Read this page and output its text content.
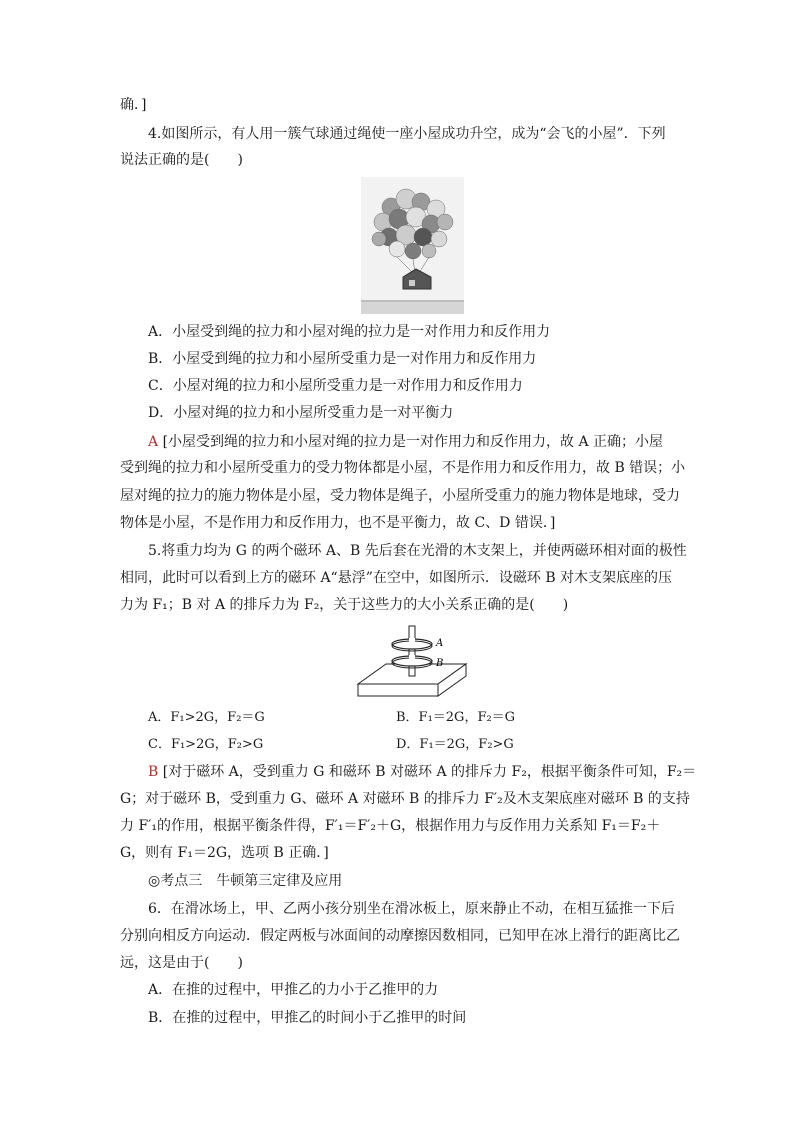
确．]
4.如图所示，有人用一簇气球通过绳使一座小屋成功升空，成为“会飞的小屋”．下列
说法正确的是(　　)
A．小屋受到绳的拉力和小屋对绳的拉力是一对作用力和反作用力
B．小屋受到绳的拉力和小屋所受重力是一对作用力和反作用力
C．小屋对绳的拉力和小屋所受重力是一对作用力和反作用力
D．小屋对绳的拉力和小屋所受重力是一对平衡力
A [小屋受到绳的拉力和小屋对绳的拉力是一对作用力和反作用力，故 A 正确；小屋
受到绳的拉力和小屋所受重力的受力物体都是小屋，不是作用力和反作用力，故 B 错误；小
屋对绳的拉力的施力物体是小屋，受力物体是绳子，小屋所受重力的施力物体是地球，受力
物体是小屋，不是作用力和反作用力，也不是平衡力，故 C、D 错误．]
5.将重力均为 G 的两个磁环 A、B 先后套在光滑的木支架上，并使两磁环相对面的极性
相同，此时可以看到上方的磁环 A“悬浮”在空中，如图所示．设磁环 B 对木支架底座的压
力为 F₁；B 对 A 的排斥力为 F₂，关于这些力的大小关系正确的是(　　)
A
B
A．F₁>2G，F₂＝G	B．F₁＝2G，F₂＝G
C．F₁>2G，F₂>G	D．F₁＝2G，F₂>G
B [对于磁环 A，受到重力 G 和磁环 B 对磁环 A 的排斥力 F₂，根据平衡条件可知，F₂＝
G；对于磁环 B，受到重力 G、磁环 A 对磁环 B 的排斥力 F′₂及木支架底座对磁环 B 的支持
力 F′₁的作用，根据平衡条件得，F′₁＝F′₂＋G，根据作用力与反作用力关系知 F₁＝F₂＋
G，则有 F₁＝2G，选项 B 正确．]
◎考点三　牛顿第三定律及应用
6．在滑冰场上，甲、乙两小孩分别坐在滑冰板上，原来静止不动，在相互猛推一下后
分别向相反方向运动．假定两板与冰面间的动摩擦因数相同，已知甲在冰上滑行的距离比乙
远，这是由于(　　)
A．在推的过程中，甲推乙的力小于乙推甲的力
B．在推的过程中，甲推乙的时间小于乙推甲的时间
